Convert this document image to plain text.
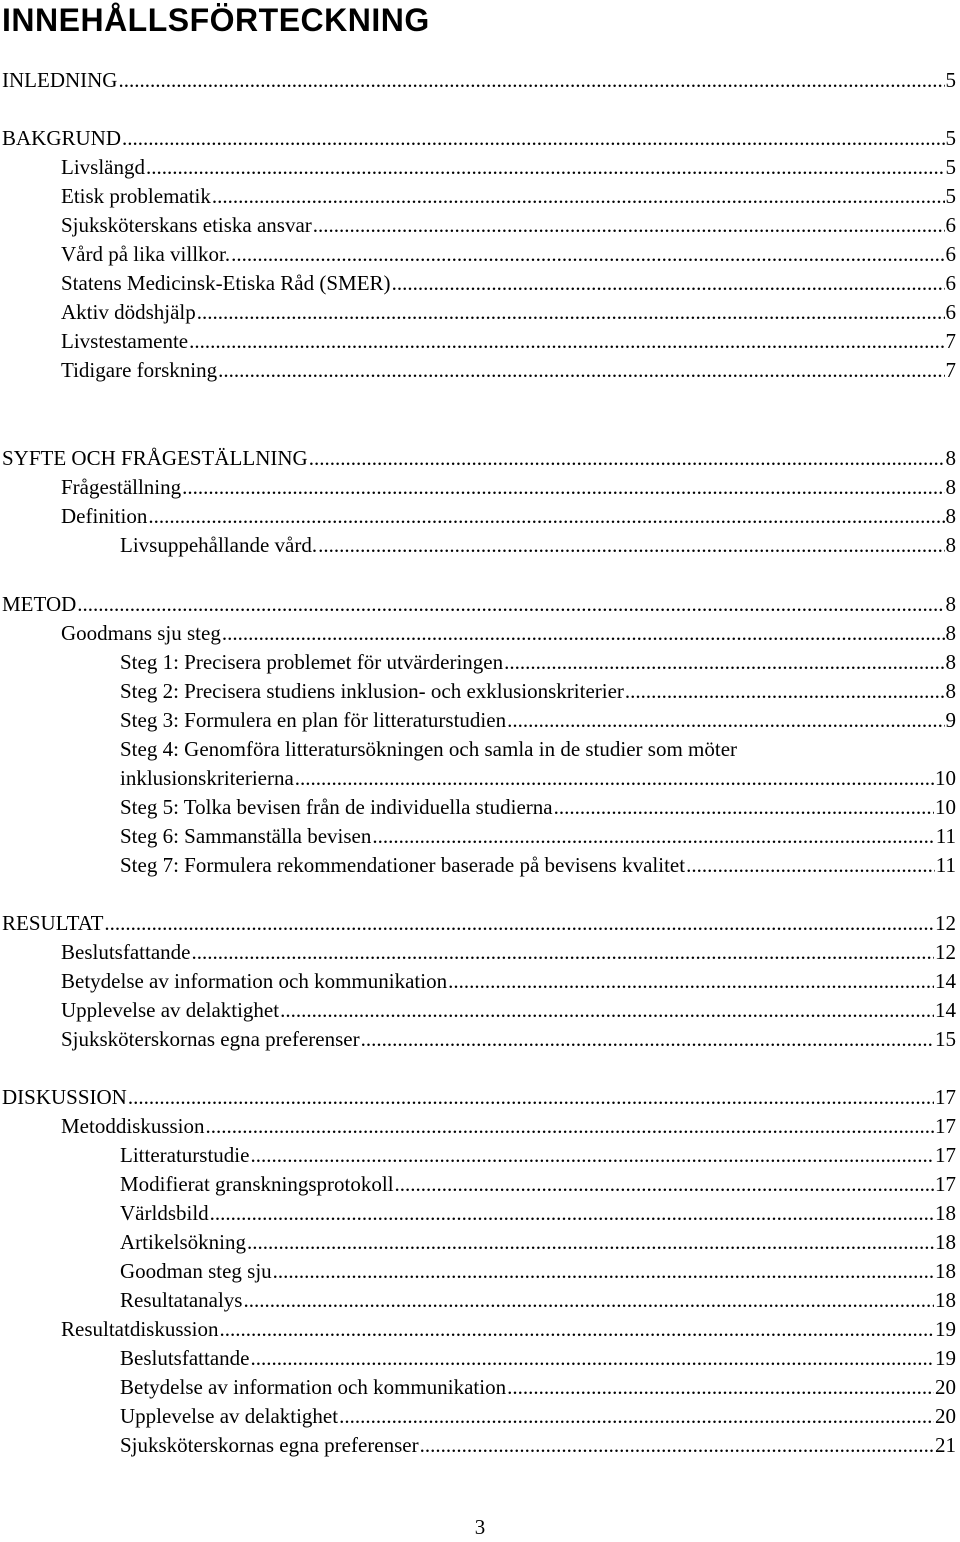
INNEHÅLLSFÖRTECKNING
INLEDNING .....	5
BAKGRUND .....	5
Livslängd .....	5
Etisk problematik .....	5
Sjuksköterskans etiska ansvar .....	6
Vård på lika villkor. .....	6
Statens Medicinsk-Etiska Råd (SMER) .....	6
Aktiv dödshjälp .....	6
Livstestamente .....	7
Tidigare forskning .....	7
SYFTE OCH FRÅGESTÄLLNING .....	8
Frågeställning .....	8
Definition .....	8
Livsuppehållande vård. .....	8
METOD .....	8
Goodmans sju steg .....	8
Steg 1: Precisera problemet för utvärderingen .....	8
Steg 2: Precisera studiens inklusion- och exklusionskriterier .....	8
Steg 3: Formulera en plan för litteraturstudien .....	9
Steg 4: Genomföra litteratursökningen och samla in de studier som möter
inklusionskriterierna .....	10
Steg 5: Tolka bevisen från de individuella studierna .....	10
Steg 6: Sammanställa bevisen .....	11
Steg 7: Formulera rekommendationer baserade på bevisens kvalitet .....	11
RESULTAT .....	12
Beslutsfattande .....	12
Betydelse av information och kommunikation .....	14
Upplevelse av delaktighet .....	14
Sjuksköterskornas egna preferenser .....	15
DISKUSSION .....	17
Metoddiskussion .....	17
Litteraturstudie .....	17
Modifierat granskningsprotokoll .....	17
Världsbild .....	18
Artikelsökning .....	18
Goodman steg sju .....	18
Resultatanalys .....	18
Resultatdiskussion .....	19
Beslutsfattande .....	19
Betydelse av information och kommunikation .....	20
Upplevelse av delaktighet .....	20
Sjuksköterskornas egna preferenser .....	21
3
